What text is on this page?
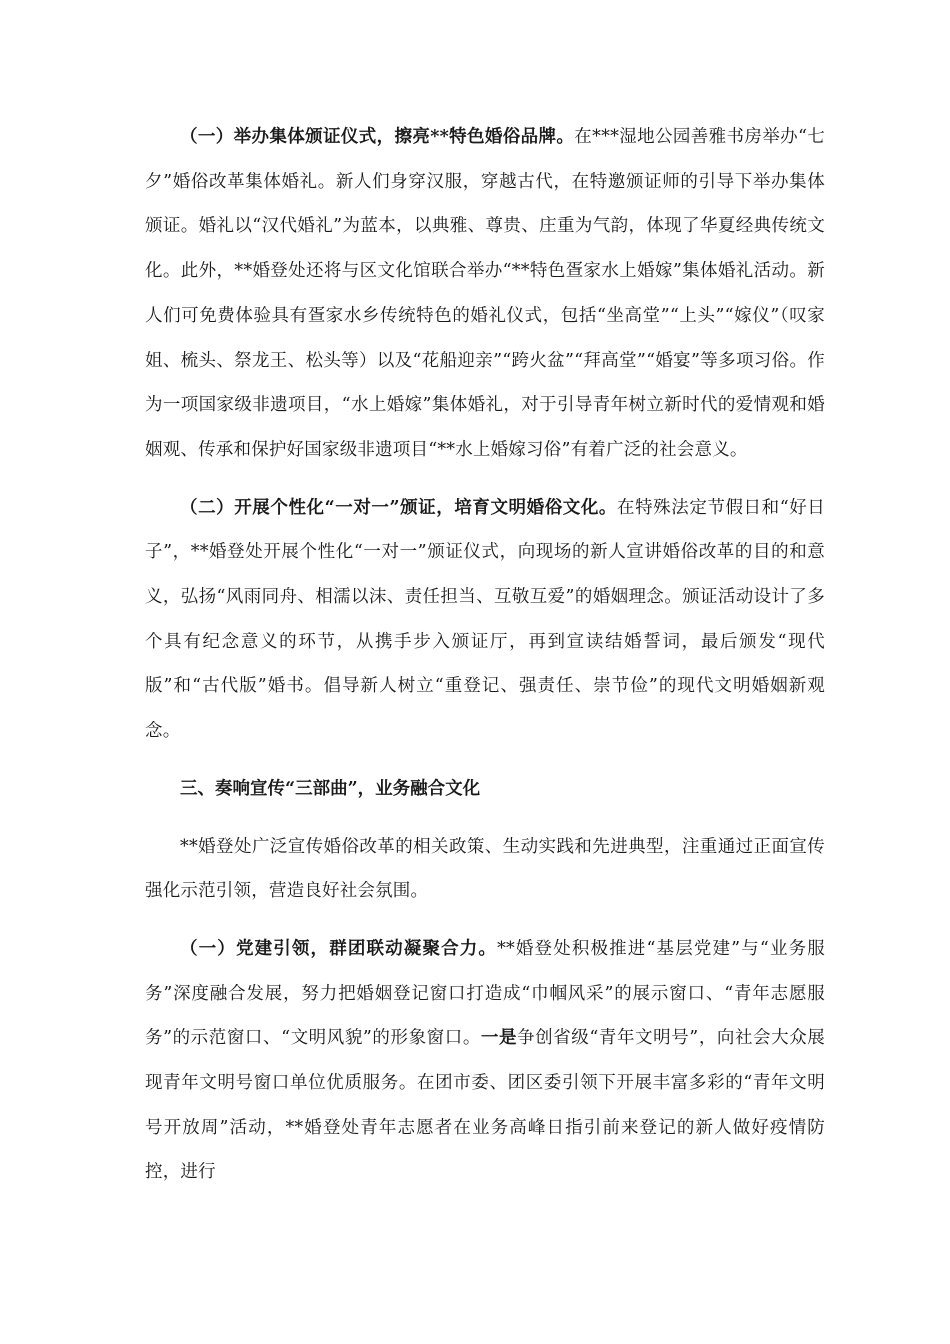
（一）举办集体颁证仪式，擦亮**特色婚俗品牌。在***湿地公园善雅书房举办“七夕”婚俗改革集体婚礼。新人们身穿汉服，穿越古代，在特邀颁证师的引导下举办集体颁证。婚礼以“汉代婚礼”为蓝本，以典雅、尊贵、庄重为气韵，体现了华夏经典传统文化。此外，**婚登处还将与区文化馆联合举办“**特色疍家水上婚嫁”集体婚礼活动。新人们可免费体验具有疍家水乡传统特色的婚礼仪式，包括“坐高堂”“上头”“嫁仪”（叹家姐、梳头、祭龙王、松头等）以及“花船迎亲”“跨火盆”“拜高堂”“婚宴”等多项习俗。作为一项国家级非遗项目，“水上婚嫁”集体婚礼，对于引导青年树立新时代的爱情观和婚姻观、传承和保护好国家级非遗项目“**水上婚嫁习俗”有着广泛的社会意义。

（二）开展个性化“一对一”颁证，培育文明婚俗文化。在特殊法定节假日和“好日子”，**婚登处开展个性化“一对一”颁证仪式，向现场的新人宣讲婚俗改革的目的和意义，弘扬“风雨同舟、相濡以沫、责任担当、互敬互爱”的婚姻理念。颁证活动设计了多个具有纪念意义的环节，从携手步入颁证厅，再到宣读结婚誓词，最后颁发“现代版”和“古代版”婚书。倡导新人树立“重登记、强责任、崇节俭”的现代文明婚姻新观念。

三、奏响宣传“三部曲”，业务融合文化

**婚登处广泛宣传婚俗改革的相关政策、生动实践和先进典型，注重通过正面宣传强化示范引领，营造良好社会氛围。

（一）党建引领，群团联动凝聚合力。**婚登处积极推进“基层党建”与“业务服务”深度融合发展，努力把婚姻登记窗口打造成“巾帼风采”的展示窗口、“青年志愿服务”的示范窗口、“文明风貌”的形象窗口。一是争创省级“青年文明号”，向社会大众展现青年文明号窗口单位优质服务。在团市委、团区委引领下开展丰富多彩的“青年文明号开放周”活动，**婚登处青年志愿者在业务高峰日指引前来登记的新人做好疫情防控，进行
